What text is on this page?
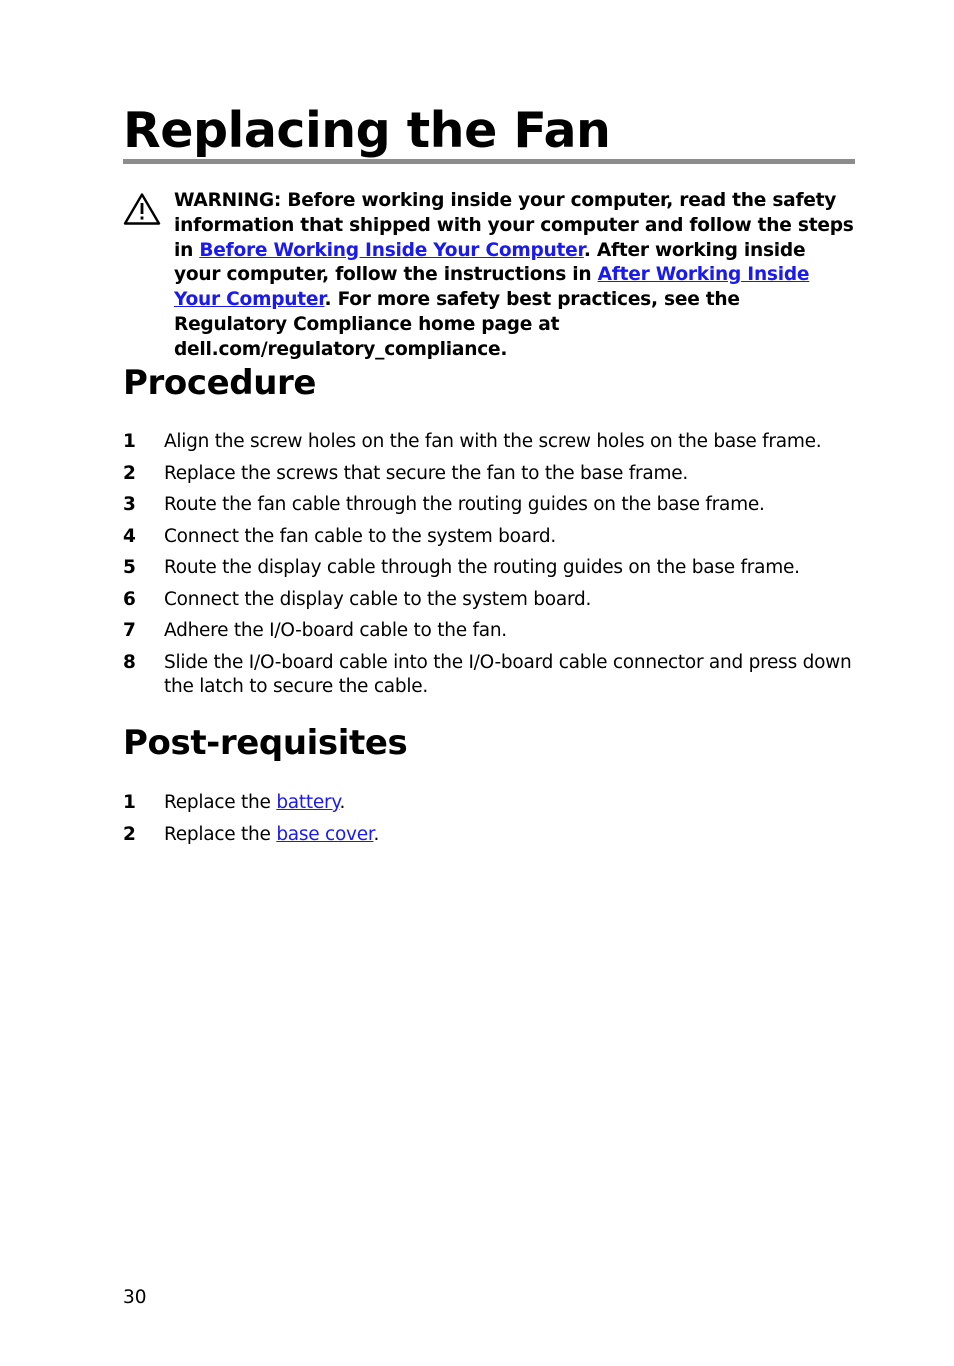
Replacing the Fan

WARNING: Before working inside your computer, read the safety information that shipped with your computer and follow the steps in Before Working Inside Your Computer. After working inside your computer, follow the instructions in After Working Inside Your Computer. For more safety best practices, see the Regulatory Compliance home page at dell.com/regulatory_compliance.

Procedure
1 Align the screw holes on the fan with the screw holes on the base frame.
2 Replace the screws that secure the fan to the base frame.
3 Route the fan cable through the routing guides on the base frame.
4 Connect the fan cable to the system board.
5 Route the display cable through the routing guides on the base frame.
6 Connect the display cable to the system board.
7 Adhere the I/O-board cable to the fan.
8 Slide the I/O-board cable into the I/O-board cable connector and press down the latch to secure the cable.
Post-requisites
1 Replace the battery.
2 Replace the base cover.
30
